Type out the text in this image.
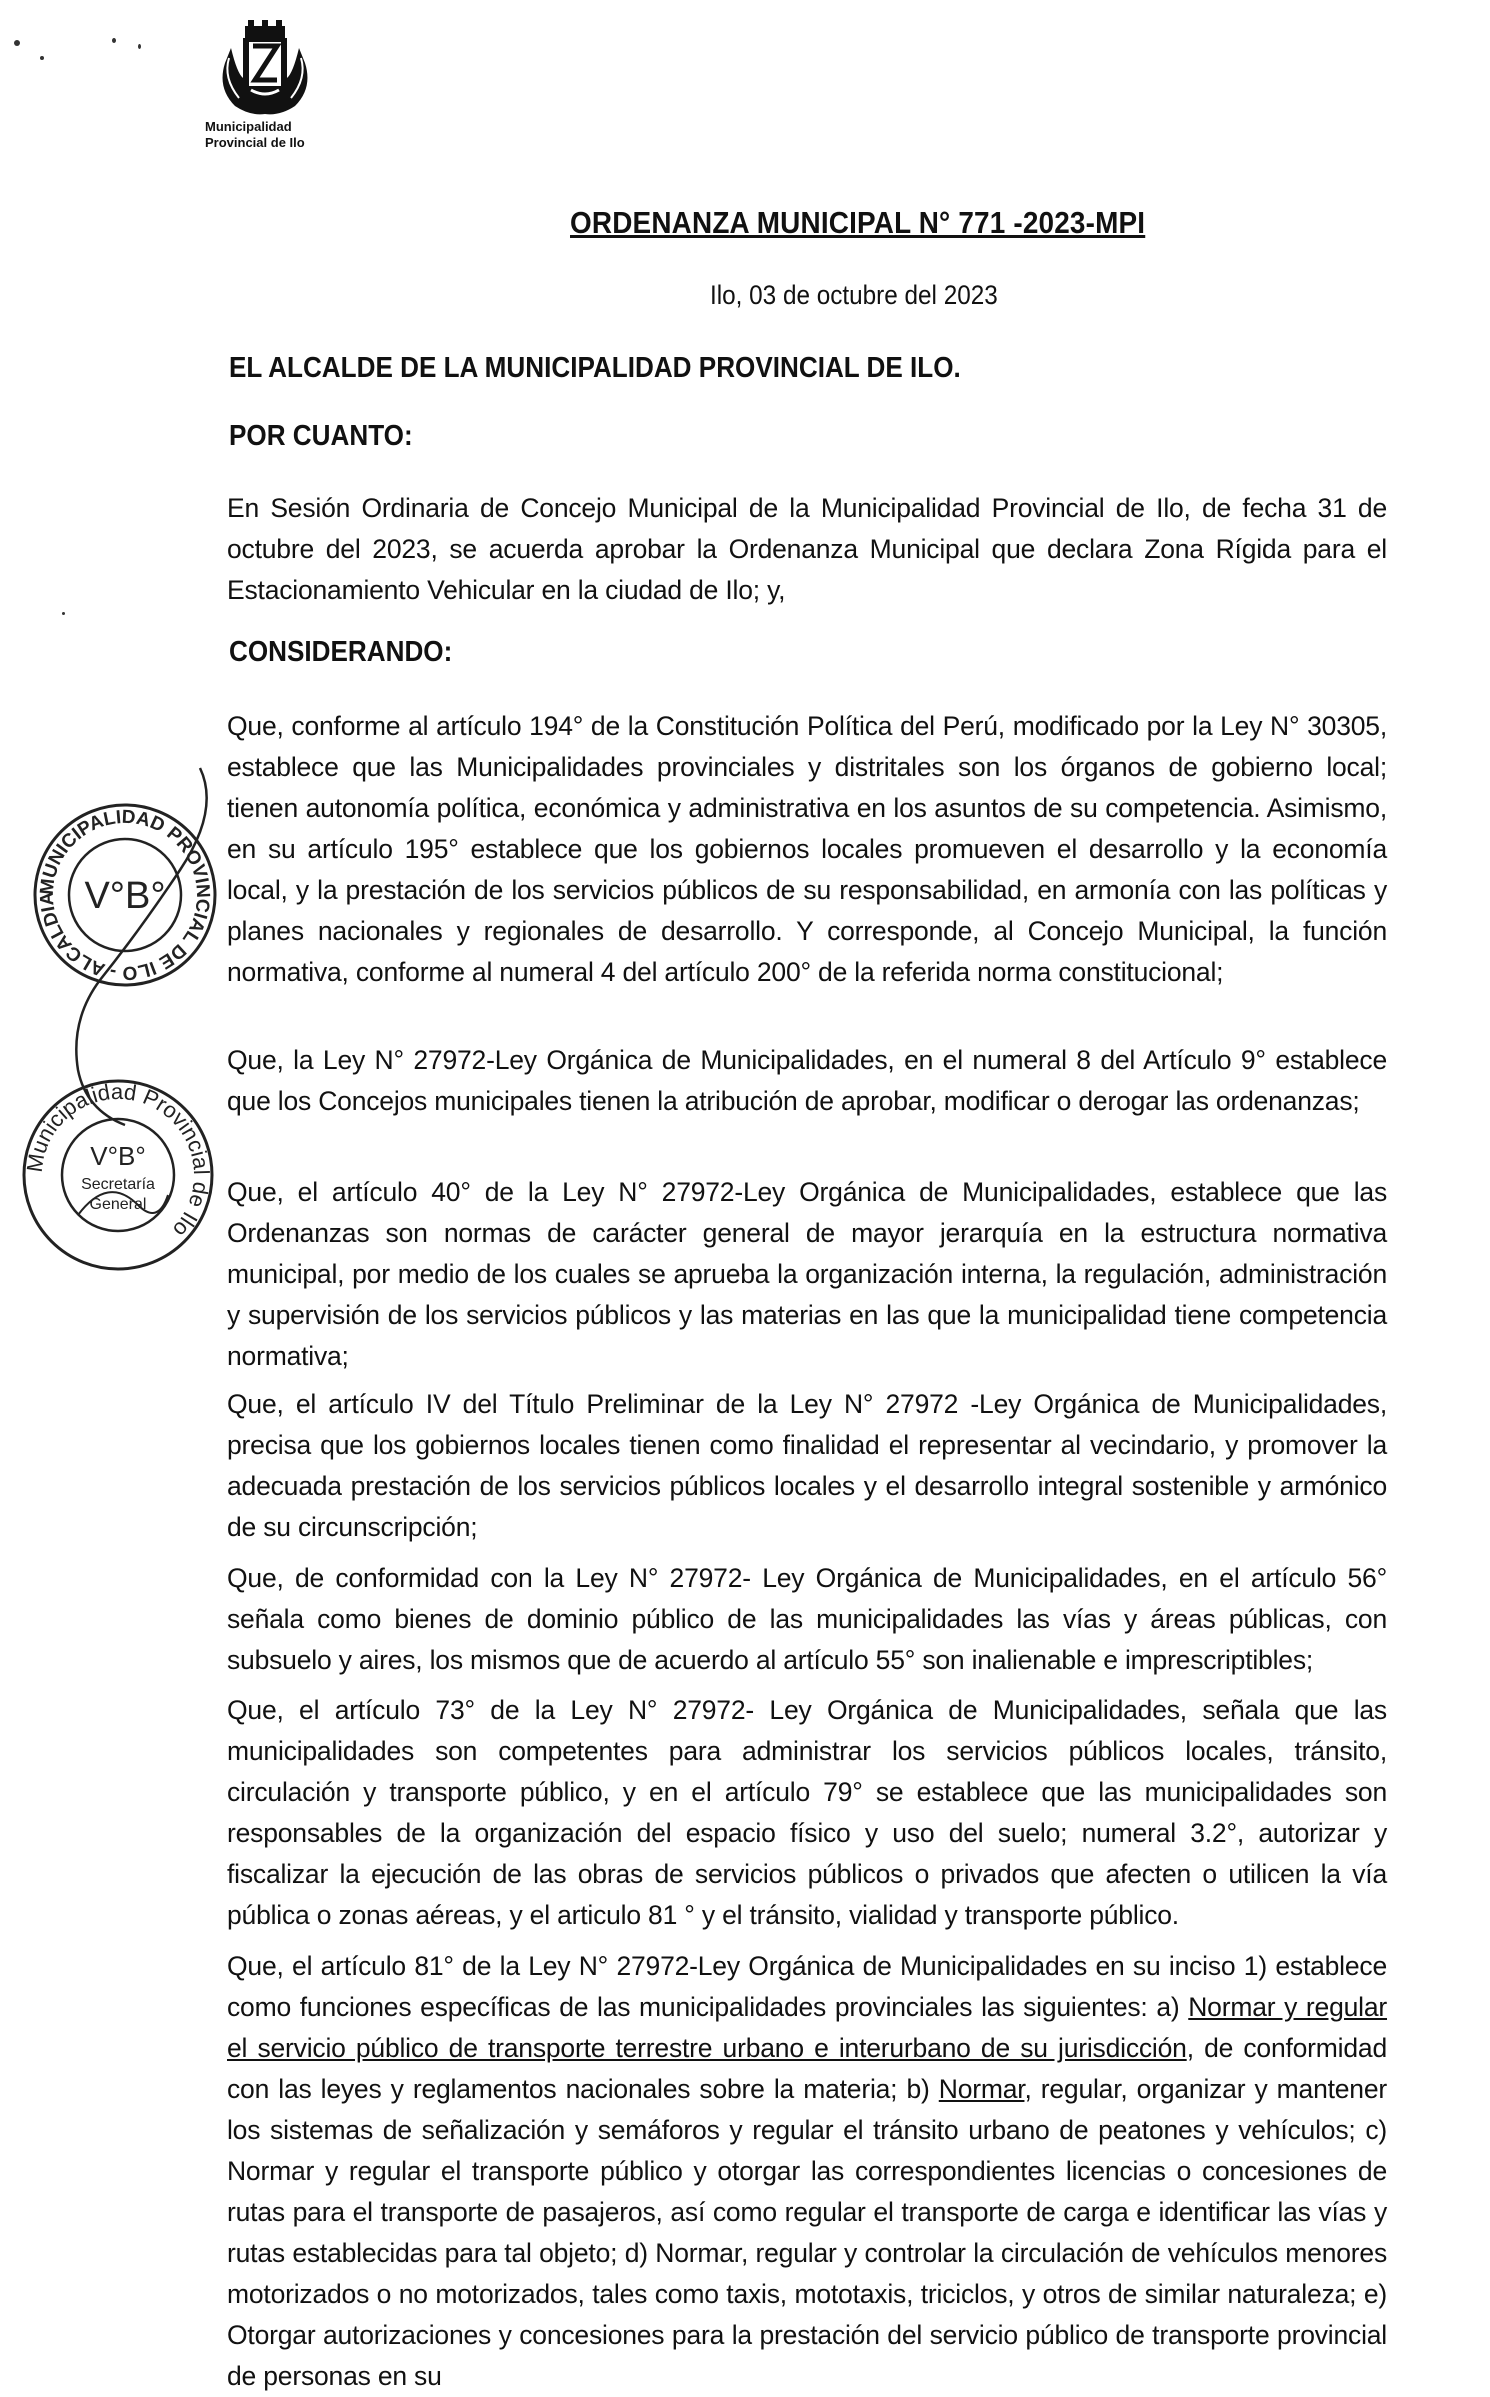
Municipalidad
Provincial de Ilo
ORDENANZA MUNICIPAL N° 771 -2023-MPI
Ilo, 03 de octubre del 2023
EL ALCALDE DE LA MUNICIPALIDAD PROVINCIAL DE ILO.
POR CUANTO:
En Sesión Ordinaria de Concejo Municipal de la Municipalidad Provincial de Ilo, de fecha 31 de octubre del 2023, se acuerda aprobar la Ordenanza Municipal que declara Zona Rígida para el Estacionamiento Vehicular en la ciudad de Ilo; y,
CONSIDERANDO:
Que, conforme al artículo 194° de la Constitución Política del Perú, modificado por la Ley N° 30305, establece que las Municipalidades provinciales y distritales son los órganos de gobierno local; tienen autonomía política, económica y administrativa en los asuntos de su competencia. Asimismo, en su artículo 195° establece que los gobiernos locales promueven el desarrollo y la economía local, y la prestación de los servicios públicos de su responsabilidad, en armonía con las políticas y planes nacionales y regionales de desarrollo. Y corresponde, al Concejo Municipal, la función normativa, conforme al numeral 4 del artículo 200° de la referida norma constitucional;
Que, la Ley N° 27972-Ley Orgánica de Municipalidades, en el numeral 8 del Artículo 9° establece que los Concejos municipales tienen la atribución de aprobar, modificar o derogar las ordenanzas;
Que, el artículo 40° de la Ley N° 27972-Ley Orgánica de Municipalidades, establece que las Ordenanzas son normas de carácter general de mayor jerarquía en la estructura normativa municipal, por medio de los cuales se aprueba la organización interna, la regulación, administración y supervisión de los servicios públicos y las materias en las que la municipalidad tiene competencia normativa;
Que, el artículo IV del Título Preliminar de la Ley N° 27972 -Ley Orgánica de Municipalidades, precisa que los gobiernos locales tienen como finalidad el representar al vecindario, y promover la adecuada prestación de los servicios públicos locales y el desarrollo integral sostenible y armónico de su circunscripción;
Que, de conformidad con la Ley N° 27972- Ley Orgánica de Municipalidades, en el artículo 56° señala como bienes de dominio público de las municipalidades las vías y áreas públicas, con subsuelo y aires, los mismos que de acuerdo al artículo 55° son inalienable e imprescriptibles;
Que, el artículo 73° de la Ley N° 27972- Ley Orgánica de Municipalidades, señala que las municipalidades son competentes para administrar los servicios públicos locales, tránsito, circulación y transporte público, y en el artículo 79° se establece que las municipalidades son responsables de la organización del espacio físico y uso del suelo; numeral 3.2°, autorizar y fiscalizar la ejecución de las obras de servicios públicos o privados que afecten o utilicen la vía pública o zonas aéreas, y el articulo 81 ° y el tránsito, vialidad y transporte público.
Que, el artículo 81° de la Ley N° 27972-Ley Orgánica de Municipalidades en su inciso 1) establece como funciones específicas de las municipalidades provinciales las siguientes: a) Normar y regular el servicio público de transporte terrestre urbano e interurbano de su jurisdicción, de conformidad con las leyes y reglamentos nacionales sobre la materia; b) Normar, regular, organizar y mantener los sistemas de señalización y semáforos y regular el tránsito urbano de peatones y vehículos; c) Normar y regular el transporte público y otorgar las correspondientes licencias o concesiones de rutas para el transporte de pasajeros, así como regular el transporte de carga e identificar las vías y rutas establecidas para tal objeto; d) Normar, regular y controlar la circulación de vehículos menores motorizados o no motorizados, tales como taxis, mototaxis, triciclos, y otros de similar naturaleza; e) Otorgar autorizaciones y concesiones para la prestación del servicio público de transporte provincial de personas en su
MUNICIPALIDAD PROVINCIAL DE ILO - ALCALDIA V°B°
Municipalidad Provincial de Ilo
V°B°
Secretaría
General
